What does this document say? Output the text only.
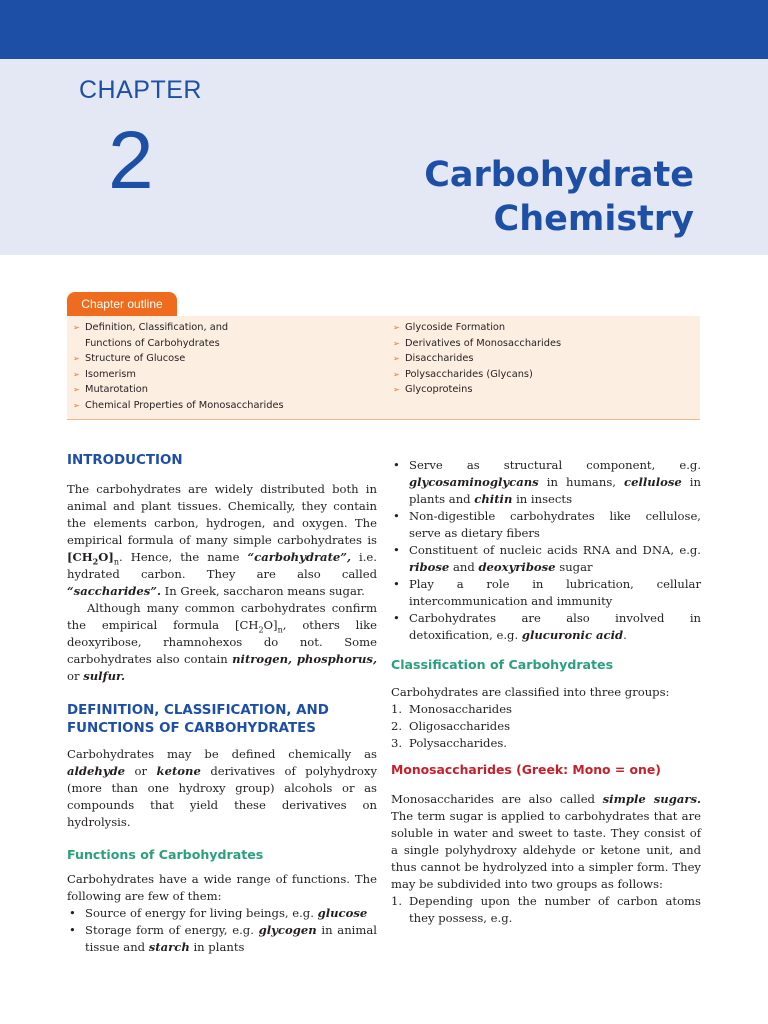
CHAPTER
2	Carbohydrate
Chemistry
Chapter outline
➢ Definition, Classification, and
Functions of Carbohydrates
➢ Structure of Glucose
➢ Isomerism
➢ Mutarotation
➢ Chemical Properties of Monosaccharides
➢ Glycoside Formation
➢ Derivatives of Monosaccharides
➢ Disaccharides
➢ Polysaccharides (Glycans)
➢ Glycoproteins
INTRODUCTION

The carbohydrates are widely distributed both in animal and plant tissues. Chemically, they contain the elements carbon, hydrogen, and oxygen. The empirical formula of many simple carbohydrates is $[CH_2O]_n$. Hence, the name “carbohydrate”, i.e. hydrated carbon. They are also called “saccharides”. In Greek, saccharon means sugar.

Although many common carbohydrates confirm the empirical formula $[CH_2O]_n$, others like deoxyribose, rhamnohexos do not. Some carbohydrates also contain nitrogen, phosphorus, or sulfur.

DEFINITION, CLASSIFICATION, AND
FUNCTIONS OF CARBOHYDRATES

Carbohydrates may be defined chemically as aldehyde or ketone derivatives of polyhydroxy (more than one hydroxy group) alcohols or as compounds that yield these derivatives on hydrolysis.

Functions of Carbohydrates

Carbohydrates have a wide range of functions. The following are few of them:

• Source of energy for living beings, e.g. glucose
• Storage form of energy, e.g. glycogen in animal tissue and starch in plants
• Serve as structural component, e.g. glycosaminoglycans in humans, cellulose in plants and chitin in insects
• Non-digestible carbohydrates like cellulose, serve as dietary fibers
• Constituent of nucleic acids RNA and DNA, e.g. ribose and deoxyribose sugar
• Play a role in lubrication, cellular intercommunication and immunity
• Carbohydrates are also involved in detoxification, e.g. glucuronic acid.
Classification of Carbohydrates

Carbohydrates are classified into three groups:

1. Monosaccharides
2. Oligosaccharides
3. Polysaccharides.
Monosaccharides (Greek: Mono = one)

Monosaccharides are also called simple sugars. The term sugar is applied to carbohydrates that are soluble in water and sweet to taste. They consist of a single polyhydroxy aldehyde or ketone unit, and thus cannot be hydrolyzed into a simpler form. They may be subdivided into two groups as follows:

1. Depending upon the number of carbon atoms they possess, e.g.
